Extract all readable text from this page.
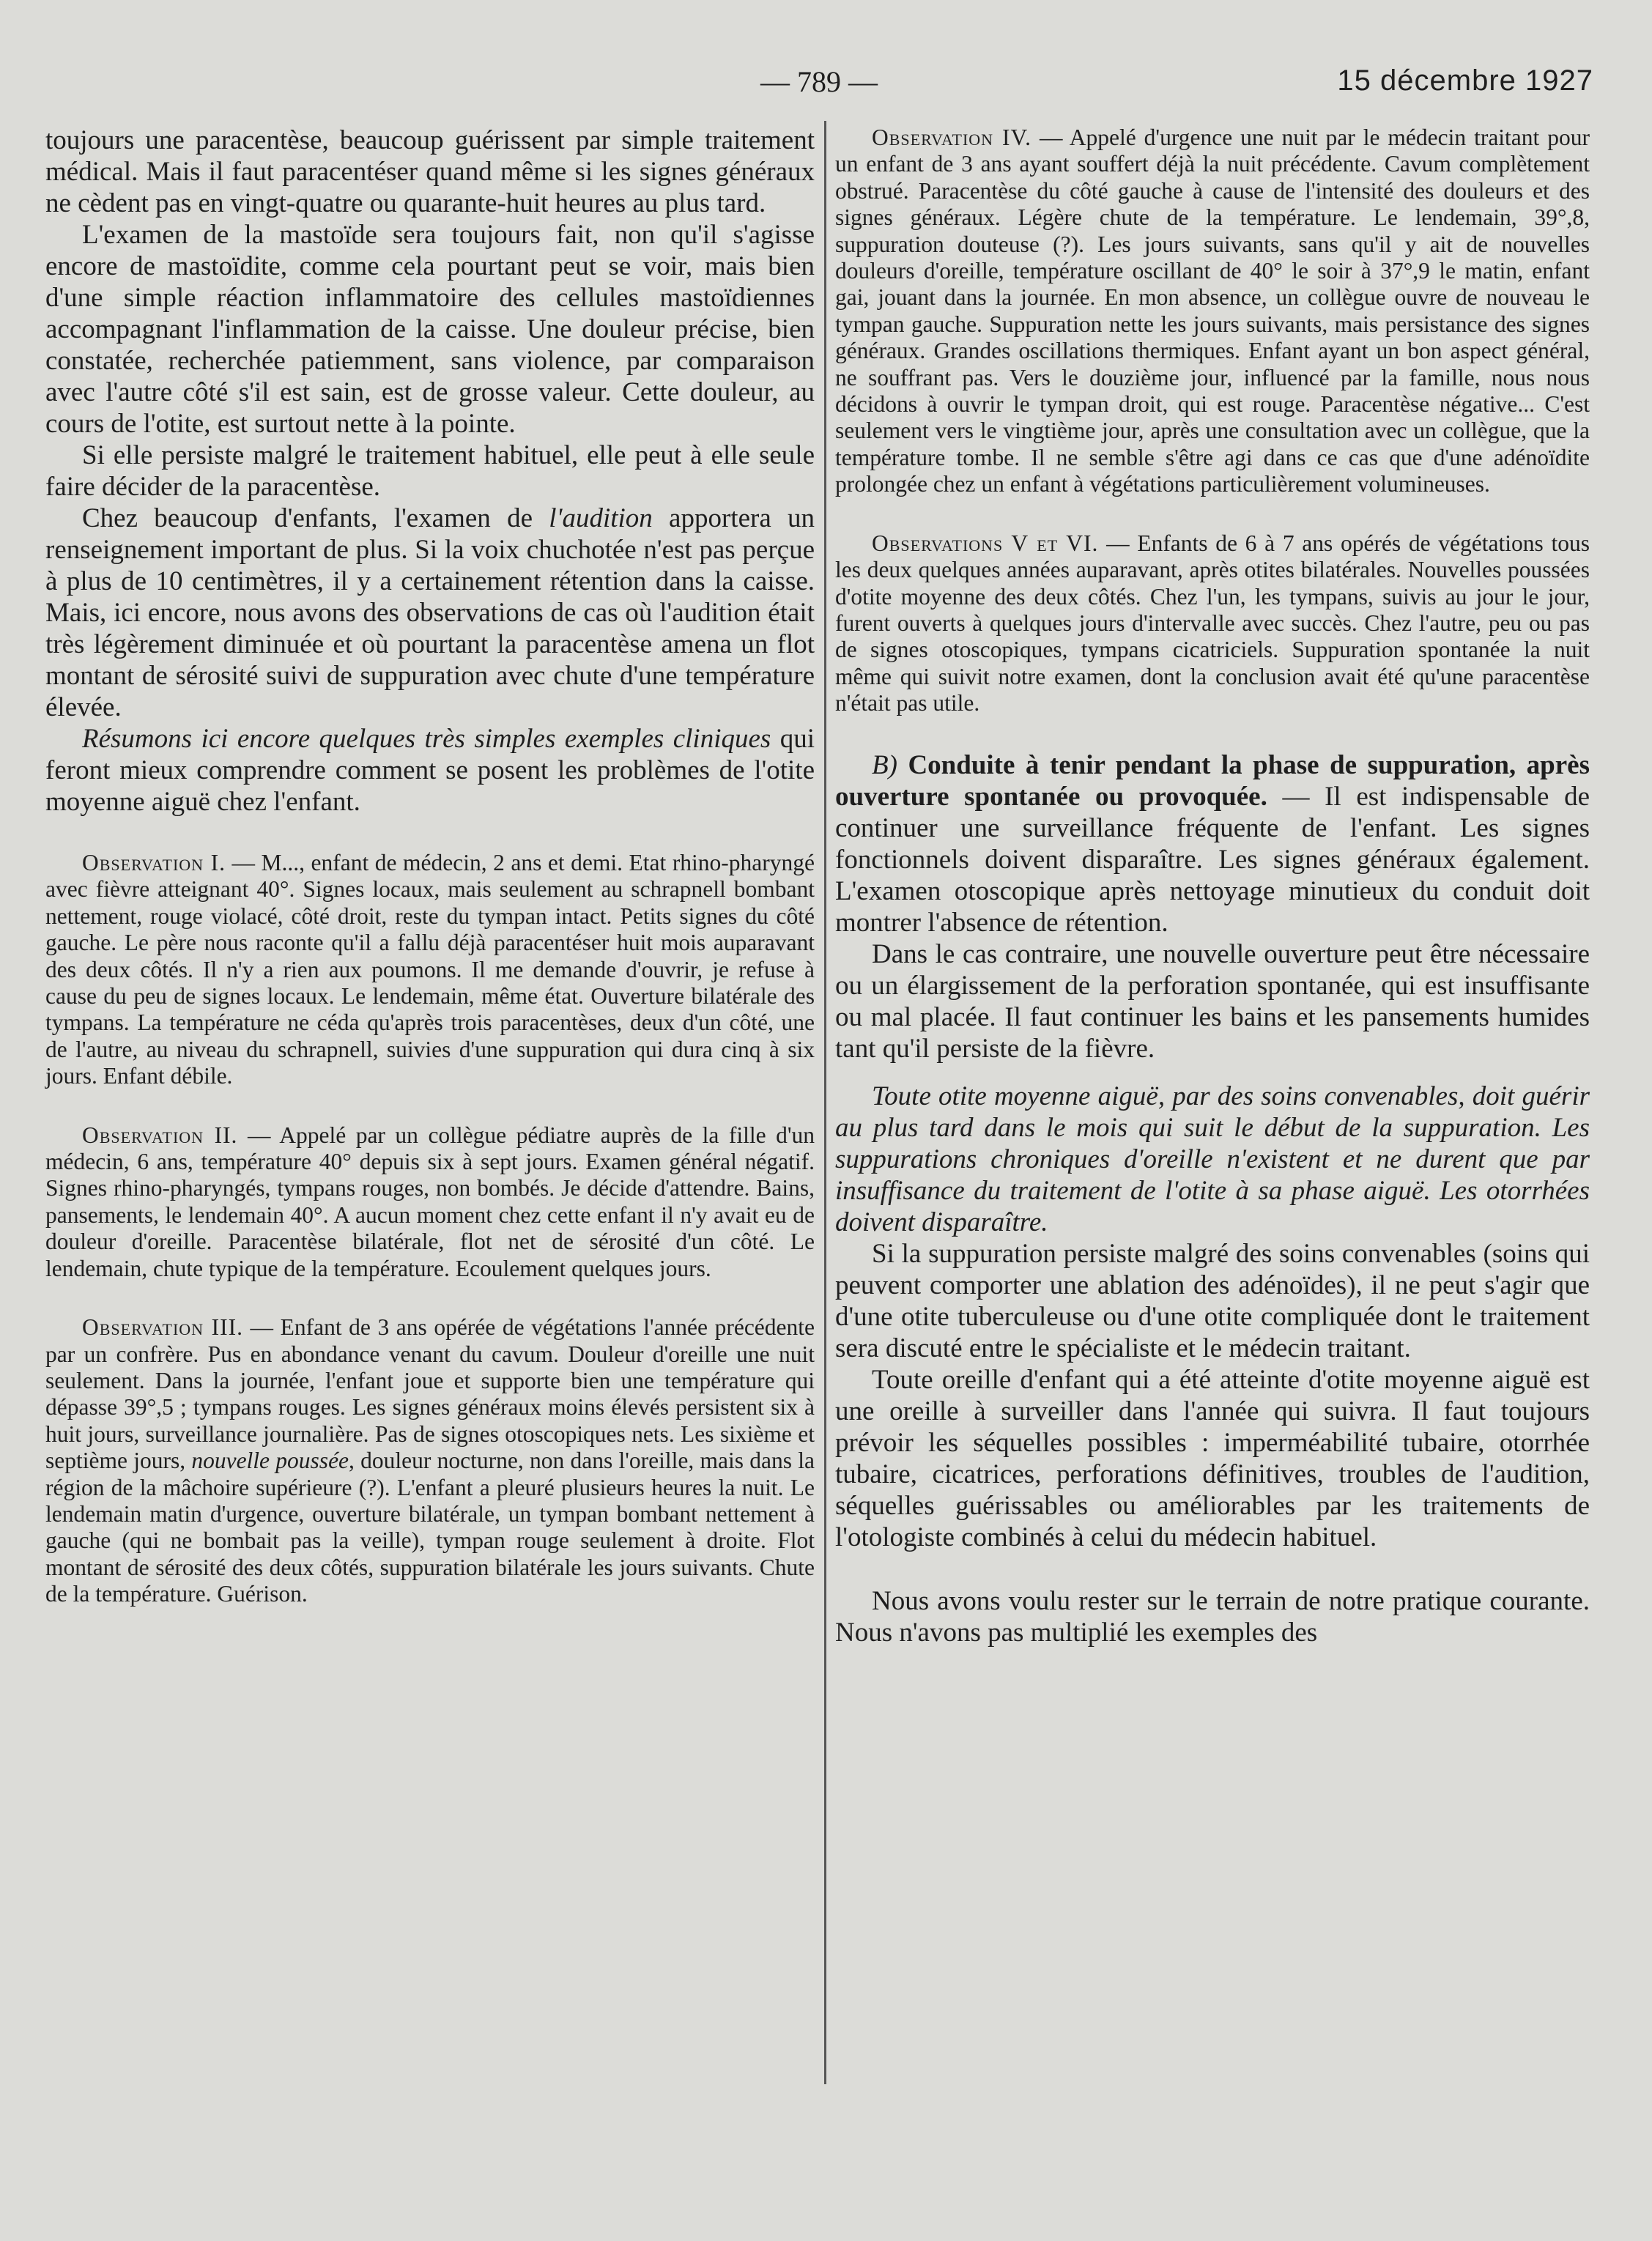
— 789 —	15 décembre 1927

toujours une paracentèse, beaucoup guérissent par simple traitement médical. Mais il faut paracentéser quand même si les signes généraux ne cèdent pas en vingt-quatre ou quarante-huit heures au plus tard.

L'examen de la mastoïde sera toujours fait, non qu'il s'agisse encore de mastoïdite, comme cela pourtant peut se voir, mais bien d'une simple réaction inflammatoire des cellules mastoïdiennes accompagnant l'inflammation de la caisse. Une douleur précise, bien constatée, recherchée patiemment, sans violence, par comparaison avec l'autre côté s'il est sain, est de grosse valeur. Cette douleur, au cours de l'otite, est surtout nette à la pointe.

Si elle persiste malgré le traitement habituel, elle peut à elle seule faire décider de la paracentèse.

Chez beaucoup d'enfants, l'examen de l'audition apportera un renseignement important de plus. Si la voix chuchotée n'est pas perçue à plus de 10 centimètres, il y a certainement rétention dans la caisse. Mais, ici encore, nous avons des observations de cas où l'audition était très légèrement diminuée et où pourtant la paracentèse amena un flot montant de sérosité suivi de suppuration avec chute d'une température élevée.

Résumons ici encore quelques très simples exemples cliniques qui feront mieux comprendre comment se posent les problèmes de l'otite moyenne aiguë chez l'enfant.

Observation I. — M..., enfant de médecin, 2 ans et demi. Etat rhino-pharyngé avec fièvre atteignant 40°. Signes locaux, mais seulement au schrapnell bombant nettement, rouge violacé, côté droit, reste du tympan intact. Petits signes du côté gauche. Le père nous raconte qu'il a fallu déjà paracentéser huit mois auparavant des deux côtés. Il n'y a rien aux poumons. Il me demande d'ouvrir, je refuse à cause du peu de signes locaux. Le lendemain, même état. Ouverture bilatérale des tympans. La température ne céda qu'après trois paracentèses, deux d'un côté, une de l'autre, au niveau du schrapnell, suivies d'une suppuration qui dura cinq à six jours. Enfant débile.

Observation II. — Appelé par un collègue pédiatre auprès de la fille d'un médecin, 6 ans, température 40° depuis six à sept jours. Examen général négatif. Signes rhino-pharyngés, tympans rouges, non bombés. Je décide d'attendre. Bains, pansements, le lendemain 40°. A aucun moment chez cette enfant il n'y avait eu de douleur d'oreille. Paracentèse bilatérale, flot net de sérosité d'un côté. Le lendemain, chute typique de la température. Ecoulement quelques jours.

Observation III. — Enfant de 3 ans opérée de végétations l'année précédente par un confrère. Pus en abondance venant du cavum. Douleur d'oreille une nuit seulement. Dans la journée, l'enfant joue et supporte bien une température qui dépasse 39°,5 ; tympans rouges. Les signes généraux moins élevés persistent six à huit jours, surveillance journalière. Pas de signes otoscopiques nets. Les sixième et septième jours, nouvelle poussée, douleur nocturne, non dans l'oreille, mais dans la région de la mâchoire supérieure (?). L'enfant a pleuré plusieurs heures la nuit. Le lendemain matin d'urgence, ouverture bilatérale, un tympan bombant nettement à gauche (qui ne bombait pas la veille), tympan rouge seulement à droite. Flot montant de sérosité des deux côtés, suppuration bilatérale les jours suivants. Chute de la température. Guérison.

Observation IV. — Appelé d'urgence une nuit par le médecin traitant pour un enfant de 3 ans ayant souffert déjà la nuit précédente. Cavum complètement obstrué. Paracentèse du côté gauche à cause de l'intensité des douleurs et des signes généraux. Légère chute de la température. Le lendemain, 39°,8, suppuration douteuse (?). Les jours suivants, sans qu'il y ait de nouvelles douleurs d'oreille, température oscillant de 40° le soir à 37°,9 le matin, enfant gai, jouant dans la journée. En mon absence, un collègue ouvre de nouveau le tympan gauche. Suppuration nette les jours suivants, mais persistance des signes généraux. Grandes oscillations thermiques. Enfant ayant un bon aspect général, ne souffrant pas. Vers le douzième jour, influencé par la famille, nous nous décidons à ouvrir le tympan droit, qui est rouge. Paracentèse négative... C'est seulement vers le vingtième jour, après une consultation avec un collègue, que la température tombe. Il ne semble s'être agi dans ce cas que d'une adénoïdite prolongée chez un enfant à végétations particulièrement volumineuses.

Observations V et VI. — Enfants de 6 à 7 ans opérés de végétations tous les deux quelques années auparavant, après otites bilatérales. Nouvelles poussées d'otite moyenne des deux côtés. Chez l'un, les tympans, suivis au jour le jour, furent ouverts à quelques jours d'intervalle avec succès. Chez l'autre, peu ou pas de signes otoscopiques, tympans cicatriciels. Suppuration spontanée la nuit même qui suivit notre examen, dont la conclusion avait été qu'une paracentèse n'était pas utile.

B) Conduite à tenir pendant la phase de suppuration, après ouverture spontanée ou provoquée. — Il est indispensable de continuer une surveillance fréquente de l'enfant. Les signes fonctionnels doivent disparaître. Les signes généraux également. L'examen otoscopique après nettoyage minutieux du conduit doit montrer l'absence de rétention.

Dans le cas contraire, une nouvelle ouverture peut être nécessaire ou un élargissement de la perforation spontanée, qui est insuffisante ou mal placée. Il faut continuer les bains et les pansements humides tant qu'il persiste de la fièvre.

Toute otite moyenne aiguë, par des soins convenables, doit guérir au plus tard dans le mois qui suit le début de la suppuration. Les suppurations chroniques d'oreille n'existent et ne durent que par insuffisance du traitement de l'otite à sa phase aiguë. Les otorrhées doivent disparaître.

Si la suppuration persiste malgré des soins convenables (soins qui peuvent comporter une ablation des adénoïdes), il ne peut s'agir que d'une otite tuberculeuse ou d'une otite compliquée dont le traitement sera discuté entre le spécialiste et le médecin traitant.

Toute oreille d'enfant qui a été atteinte d'otite moyenne aiguë est une oreille à surveiller dans l'année qui suivra. Il faut toujours prévoir les séquelles possibles : imperméabilité tubaire, otorrhée tubaire, cicatrices, perforations définitives, troubles de l'audition, séquelles guérissables ou améliorables par les traitements de l'otologiste combinés à celui du médecin habituel.

Nous avons voulu rester sur le terrain de notre pratique courante. Nous n'avons pas multiplié les exemples des
